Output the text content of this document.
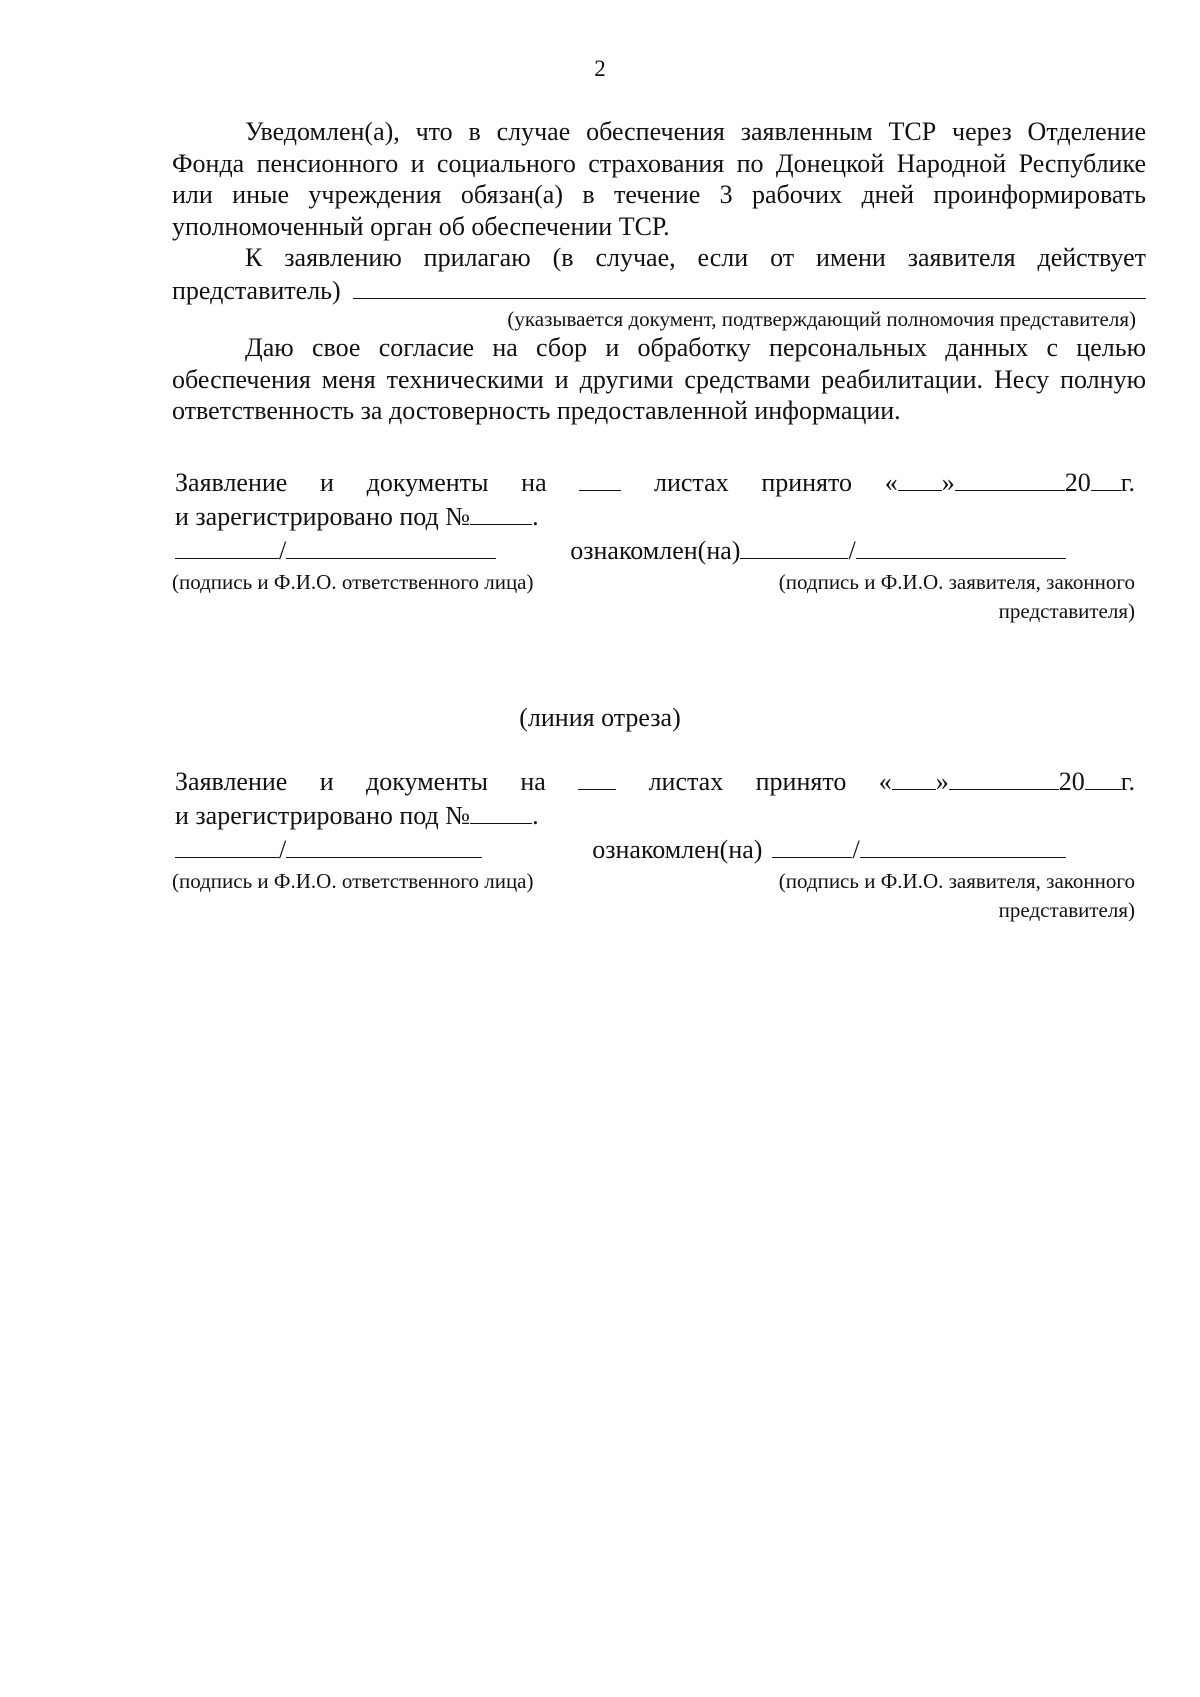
2

Уведомлен(а), что в случае обеспечения заявленным ТСР через Отделение Фонда пенсионного и социального страхования по Донецкой Народной Республике или иные учреждения обязан(а) в течение 3 рабочих дней проинформировать уполномоченный орган об обеспечении ТСР.

К заявлению прилагаю (в случае, если от имени заявителя действует

представитель)
(указывается документ, подтверждающий полномочия представителя)

Даю свое согласие на сбор и обработку персональных данных с целью обеспечения меня техническими и другими средствами реабилитации. Несу полную ответственность за достоверность предоставленной информации.

Заявление и документы на	листах принято « »	20 г.
и зарегистрировано под № .
/	ознакомлен(на)	/
(подпись и Ф.И.О. ответственного лица)	(подпись и Ф.И.О. заявителя, законного представителя)
(линия отреза)
Заявление и документы на	листах принято « »	20 г.
и зарегистрировано под № .
/	ознакомлен(на)	/
(подпись и Ф.И.О. ответственного лица)	(подпись и Ф.И.О. заявителя, законного представителя)
